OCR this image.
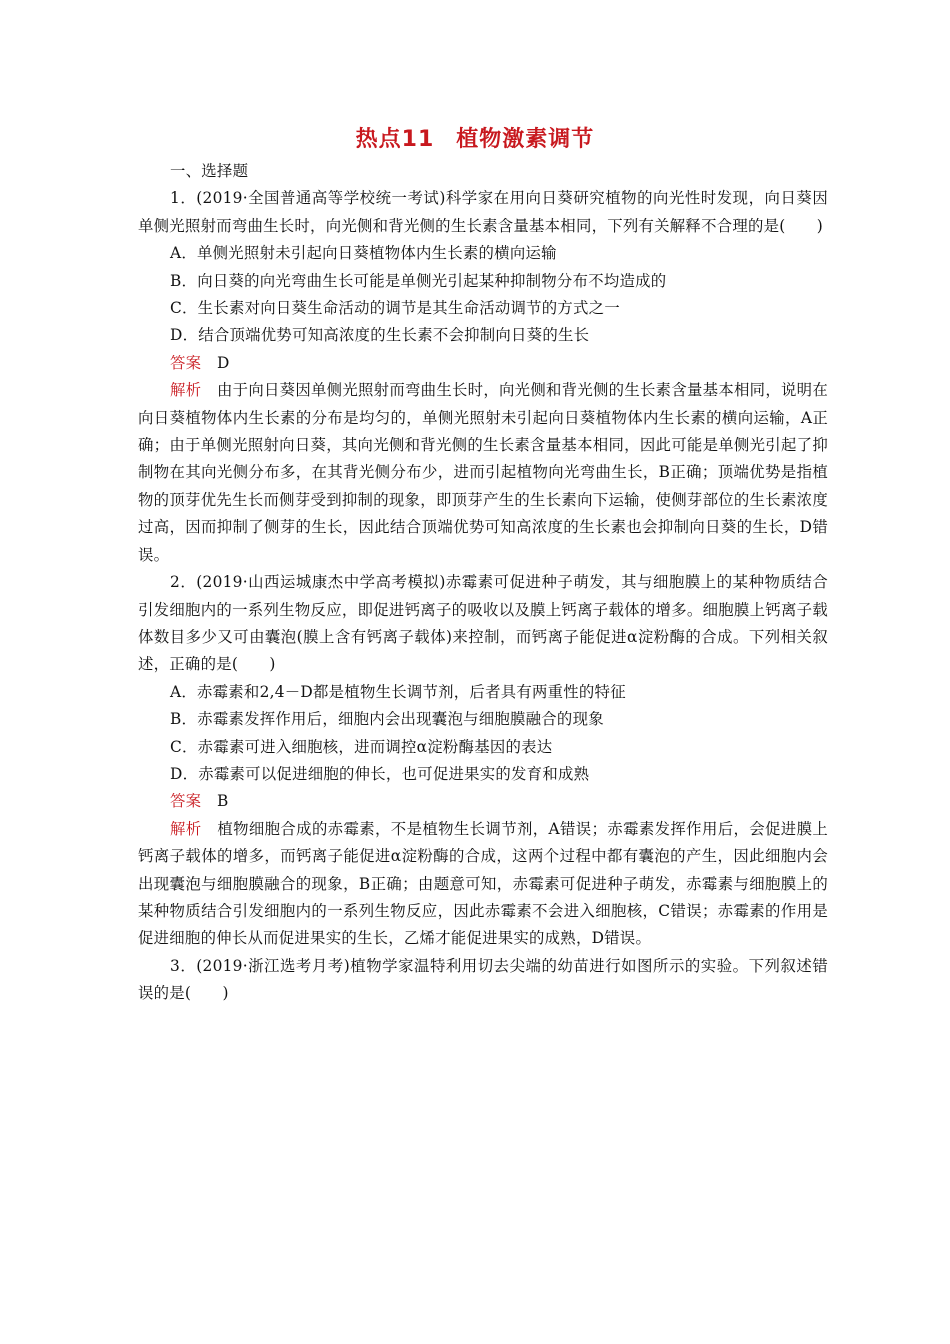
热点11 植物激素调节

一、选择题

1．(2019·全国普通高等学校统一考试)科学家在用向日葵研究植物的向光性时发现，向日葵因单侧光照射而弯曲生长时，向光侧和背光侧的生长素含量基本相同，下列有关解释不合理的是(　　)

A．单侧光照射未引起向日葵植物体内生长素的横向运输

B．向日葵的向光弯曲生长可能是单侧光引起某种抑制物分布不均造成的

C．生长素对向日葵生命活动的调节是其生命活动调节的方式之一

D．结合顶端优势可知高浓度的生长素不会抑制向日葵的生长

答案　 D

解析　 由于向日葵因单侧光照射而弯曲生长时，向光侧和背光侧的生长素含量基本相同，说明在向日葵植物体内生长素的分布是均匀的，单侧光照射未引起向日葵植物体内生长素的横向运输，A正确；由于单侧光照射向日葵，其向光侧和背光侧的生长素含量基本相同，因此可能是单侧光引起了抑制物在其向光侧分布多，在其背光侧分布少，进而引起植物向光弯曲生长，B正确；顶端优势是指植物的顶芽优先生长而侧芽受到抑制的现象，即顶芽产生的生长素向下运输，使侧芽部位的生长素浓度过高，因而抑制了侧芽的生长，因此结合顶端优势可知高浓度的生长素也会抑制向日葵的生长，D错误。

2．(2019·山西运城康杰中学高考模拟)赤霉素可促进种子萌发，其与细胞膜上的某种物质结合引发细胞内的一系列生物反应，即促进钙离子的吸收以及膜上钙离子载体的增多。细胞膜上钙离子载体数目多少又可由囊泡(膜上含有钙离子载体)来控制，而钙离子能促进α淀粉酶的合成。下列相关叙述，正确的是(　　)

A．赤霉素和2,4－D都是植物生长调节剂，后者具有两重性的特征

B．赤霉素发挥作用后，细胞内会出现囊泡与细胞膜融合的现象

C．赤霉素可进入细胞核，进而调控α淀粉酶基因的表达

D．赤霉素可以促进细胞的伸长，也可促进果实的发育和成熟

答案　 B

解析　 植物细胞合成的赤霉素，不是植物生长调节剂，A错误；赤霉素发挥作用后，会促进膜上钙离子载体的增多，而钙离子能促进α淀粉酶的合成，这两个过程中都有囊泡的产生，因此细胞内会出现囊泡与细胞膜融合的现象，B正确；由题意可知，赤霉素可促进种子萌发，赤霉素与细胞膜上的某种物质结合引发细胞内的一系列生物反应，因此赤霉素不会进入细胞核，C错误；赤霉素的作用是促进细胞的伸长从而促进果实的生长，乙烯才能促进果实的成熟，D错误。

3．(2019·浙江选考月考)植物学家温特利用切去尖端的幼苗进行如图所示的实验。下列叙述错误的是(　　)
